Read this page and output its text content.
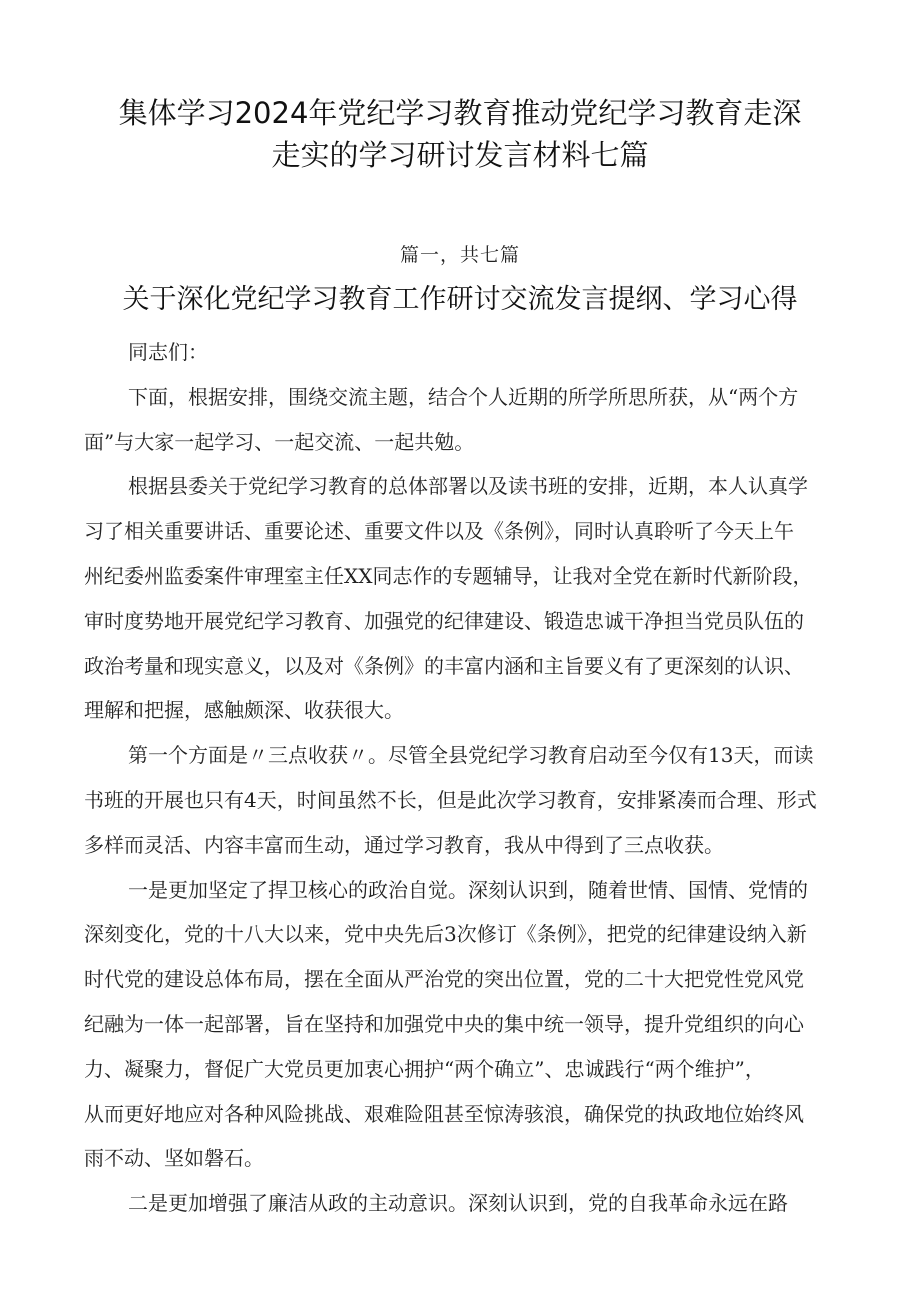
集体学习2024年党纪学习教育推动党纪学习教育走深
走实的学习研讨发言材料七篇
篇一，共七篇
关于深化党纪学习教育工作研讨交流发言提纲、学习心得
同志们：
下面，根据安排，围绕交流主题，结合个人近期的所学所思所获，从“两个方
面”与大家一起学习、一起交流、一起共勉。
根据县委关于党纪学习教育的总体部署以及读书班的安排，近期，本人认真学
习了相关重要讲话、重要论述、重要文件以及《条例》，同时认真聆听了今天上午
州纪委州监委案件审理室主任XX同志作的专题辅导，让我对全党在新时代新阶段，
审时度势地开展党纪学习教育、加强党的纪律建设、锻造忠诚干净担当党员队伍的
政治考量和现实意义，以及对《条例》的丰富内涵和主旨要义有了更深刻的认识、
理解和把握，感触颇深、收获很大。
第一个方面是〃三点收获〃。尽管全县党纪学习教育启动至今仅有13天，而读
书班的开展也只有4天，时间虽然不长，但是此次学习教育，安排紧凑而合理、形式
多样而灵活、内容丰富而生动，通过学习教育，我从中得到了三点收获。
一是更加坚定了捍卫核心的政治自觉。深刻认识到，随着世情、国情、党情的
深刻变化，党的十八大以来，党中央先后3次修订《条例》，把党的纪律建设纳入新
时代党的建设总体布局，摆在全面从严治党的突出位置，党的二十大把党性党风党
纪融为一体一起部署，旨在坚持和加强党中央的集中统一领导，提升党组织的向心
力、凝聚力，督促广大党员更加衷心拥护“两个确立”、忠诚践行“两个维护”，
从而更好地应对各种风险挑战、艰难险阻甚至惊涛骇浪，确保党的执政地位始终风
雨不动、坚如磐石。
二是更加增强了廉洁从政的主动意识。深刻认识到，党的自我革命永远在路
